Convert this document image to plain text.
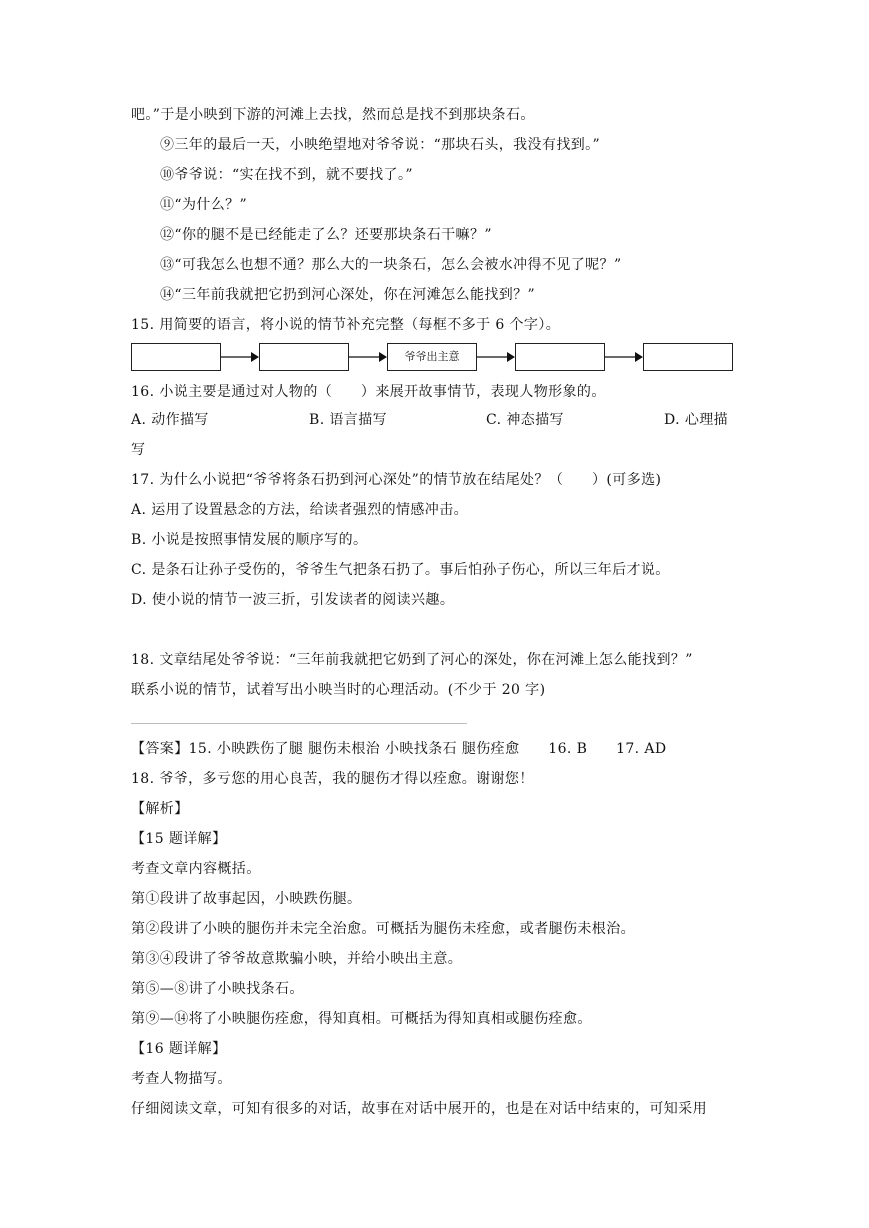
吧。”于是小映到下游的河滩上去找，然而总是找不到那块条石。
⑨三年的最后一天，小映绝望地对爷爷说：“那块石头，我没有找到。”
⑩爷爷说：“实在找不到，就不要找了。”
⑪“为什么？”
⑫“你的腿不是已经能走了么？还要那块条石干嘛？”
⑬“可我怎么也想不通？那么大的一块条石，怎么会被水冲得不见了呢？”
⑭“三年前我就把它扔到河心深处，你在河滩怎么能找到？”
15. 用简要的语言，将小说的情节补充完整（每框不多于 6 个字）。
爷爷出主意
16. 小说主要是通过对人物的（　　）来展开故事情节，表现人物形象的。
A. 动作描写	B. 语言描写	C. 神态描写	D. 心理描
写
17. 为什么小说把“爷爷将条石扔到河心深处”的情节放在结尾处？（　　）(可多选)
A. 运用了设置悬念的方法，给读者强烈的情感冲击。
B. 小说是按照事情发展的顺序写的。
C. 是条石让孙子受伤的，爷爷生气把条石扔了。事后怕孙子伤心，所以三年后才说。
D. 使小说的情节一波三折，引发读者的阅读兴趣。
18. 文章结尾处爷爷说：“三年前我就把它奶到了河心的深处，你在河滩上怎么能找到？”
联系小说的情节，试着写出小映当时的心理活动。(不少于 20 字)
【答案】15. 小映跌伤了腿 腿伤未根治 小映找条石 腿伤痊愈　　16. B　　17. AD
18. 爷爷，多亏您的用心良苦，我的腿伤才得以痊愈。谢谢您！
【解析】
【15 题详解】
考查文章内容概括。
第①段讲了故事起因，小映跌伤腿。
第②段讲了小映的腿伤并未完全治愈。可概括为腿伤未痊愈，或者腿伤未根治。
第③④段讲了爷爷故意欺骗小映，并给小映出主意。
第⑤—⑧讲了小映找条石。
第⑨—⑭将了小映腿伤痊愈，得知真相。可概括为得知真相或腿伤痊愈。
【16 题详解】
考查人物描写。
仔细阅读文章，可知有很多的对话，故事在对话中展开的，也是在对话中结束的，可知采用
